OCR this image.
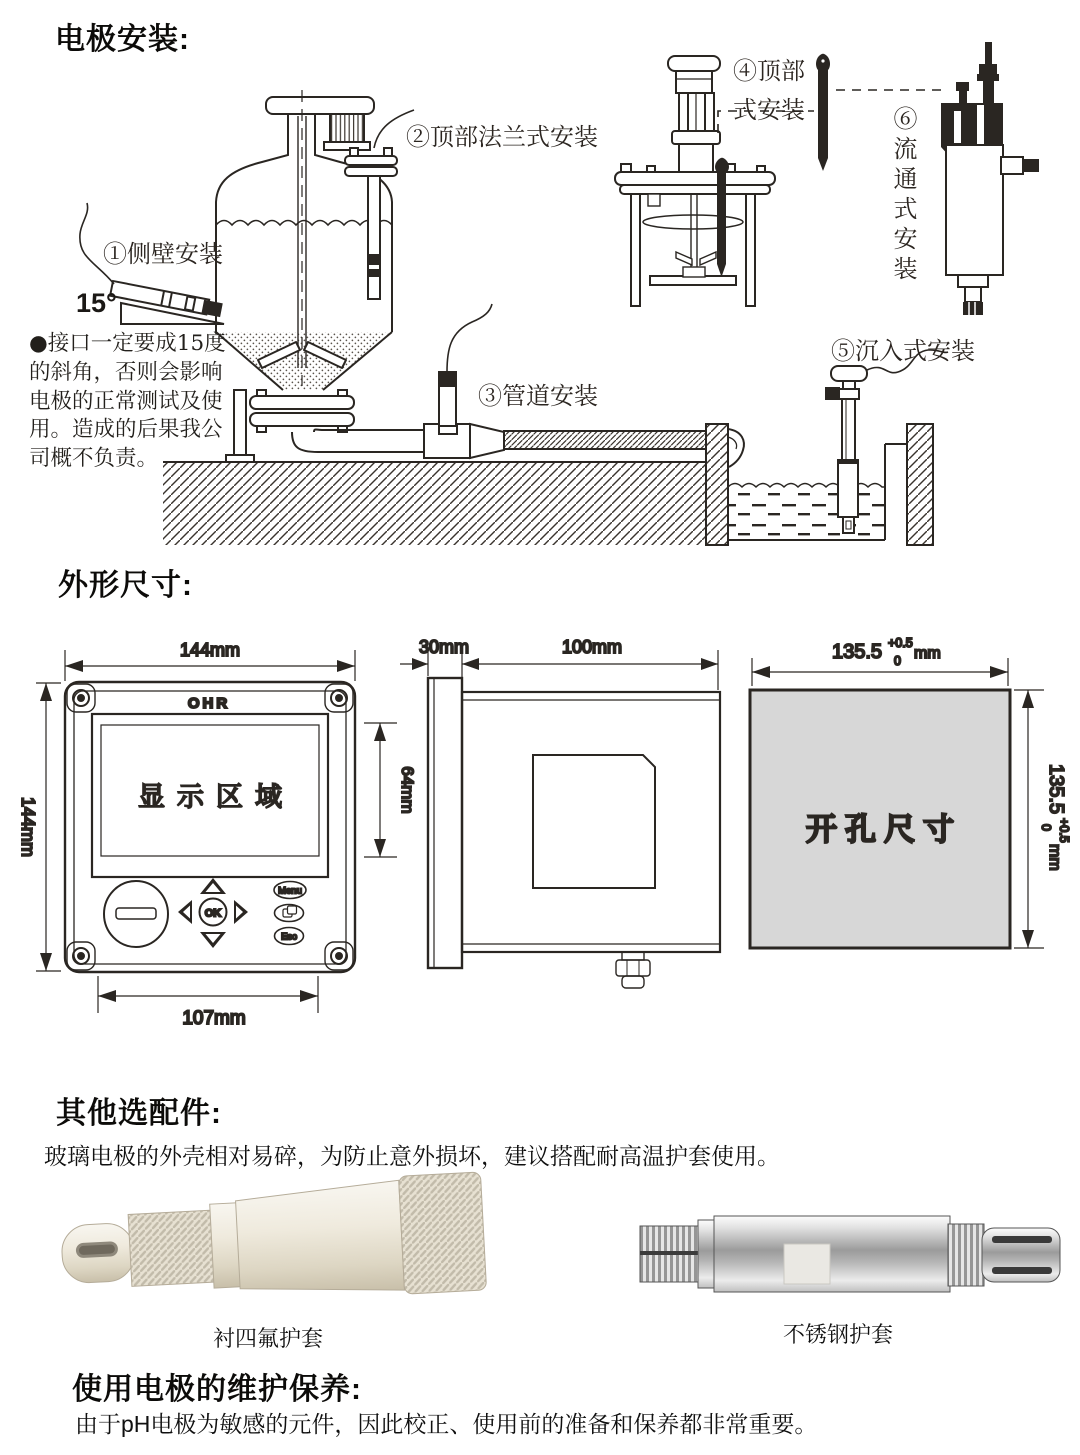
OHR
显示区域
OK
Menu
Esc
144mm
144mm
64mm
107mm
30mm	100mm
开孔尺寸
135.5 +0.5
0 mm
135.5
+0.5
0
mm
电极安装:
①侧壁安装
15°
②顶部法兰式安装
③管道安装
④顶部
式安装
⑤沉入式安装
⑥流通式安装
●接口一定要成15度
的斜角，否则会影响
电极的正常测试及使
用。造成的后果我公
司概不负责。
外形尺寸:
其他选配件:
玻璃电极的外壳相对易碎，为防止意外损坏，建议搭配耐高温护套使用。
衬四氟护套	不锈钢护套
使用电极的维护保养:
由于pH电极为敏感的元件，因此校正、使用前的准备和保养都非常重要。
